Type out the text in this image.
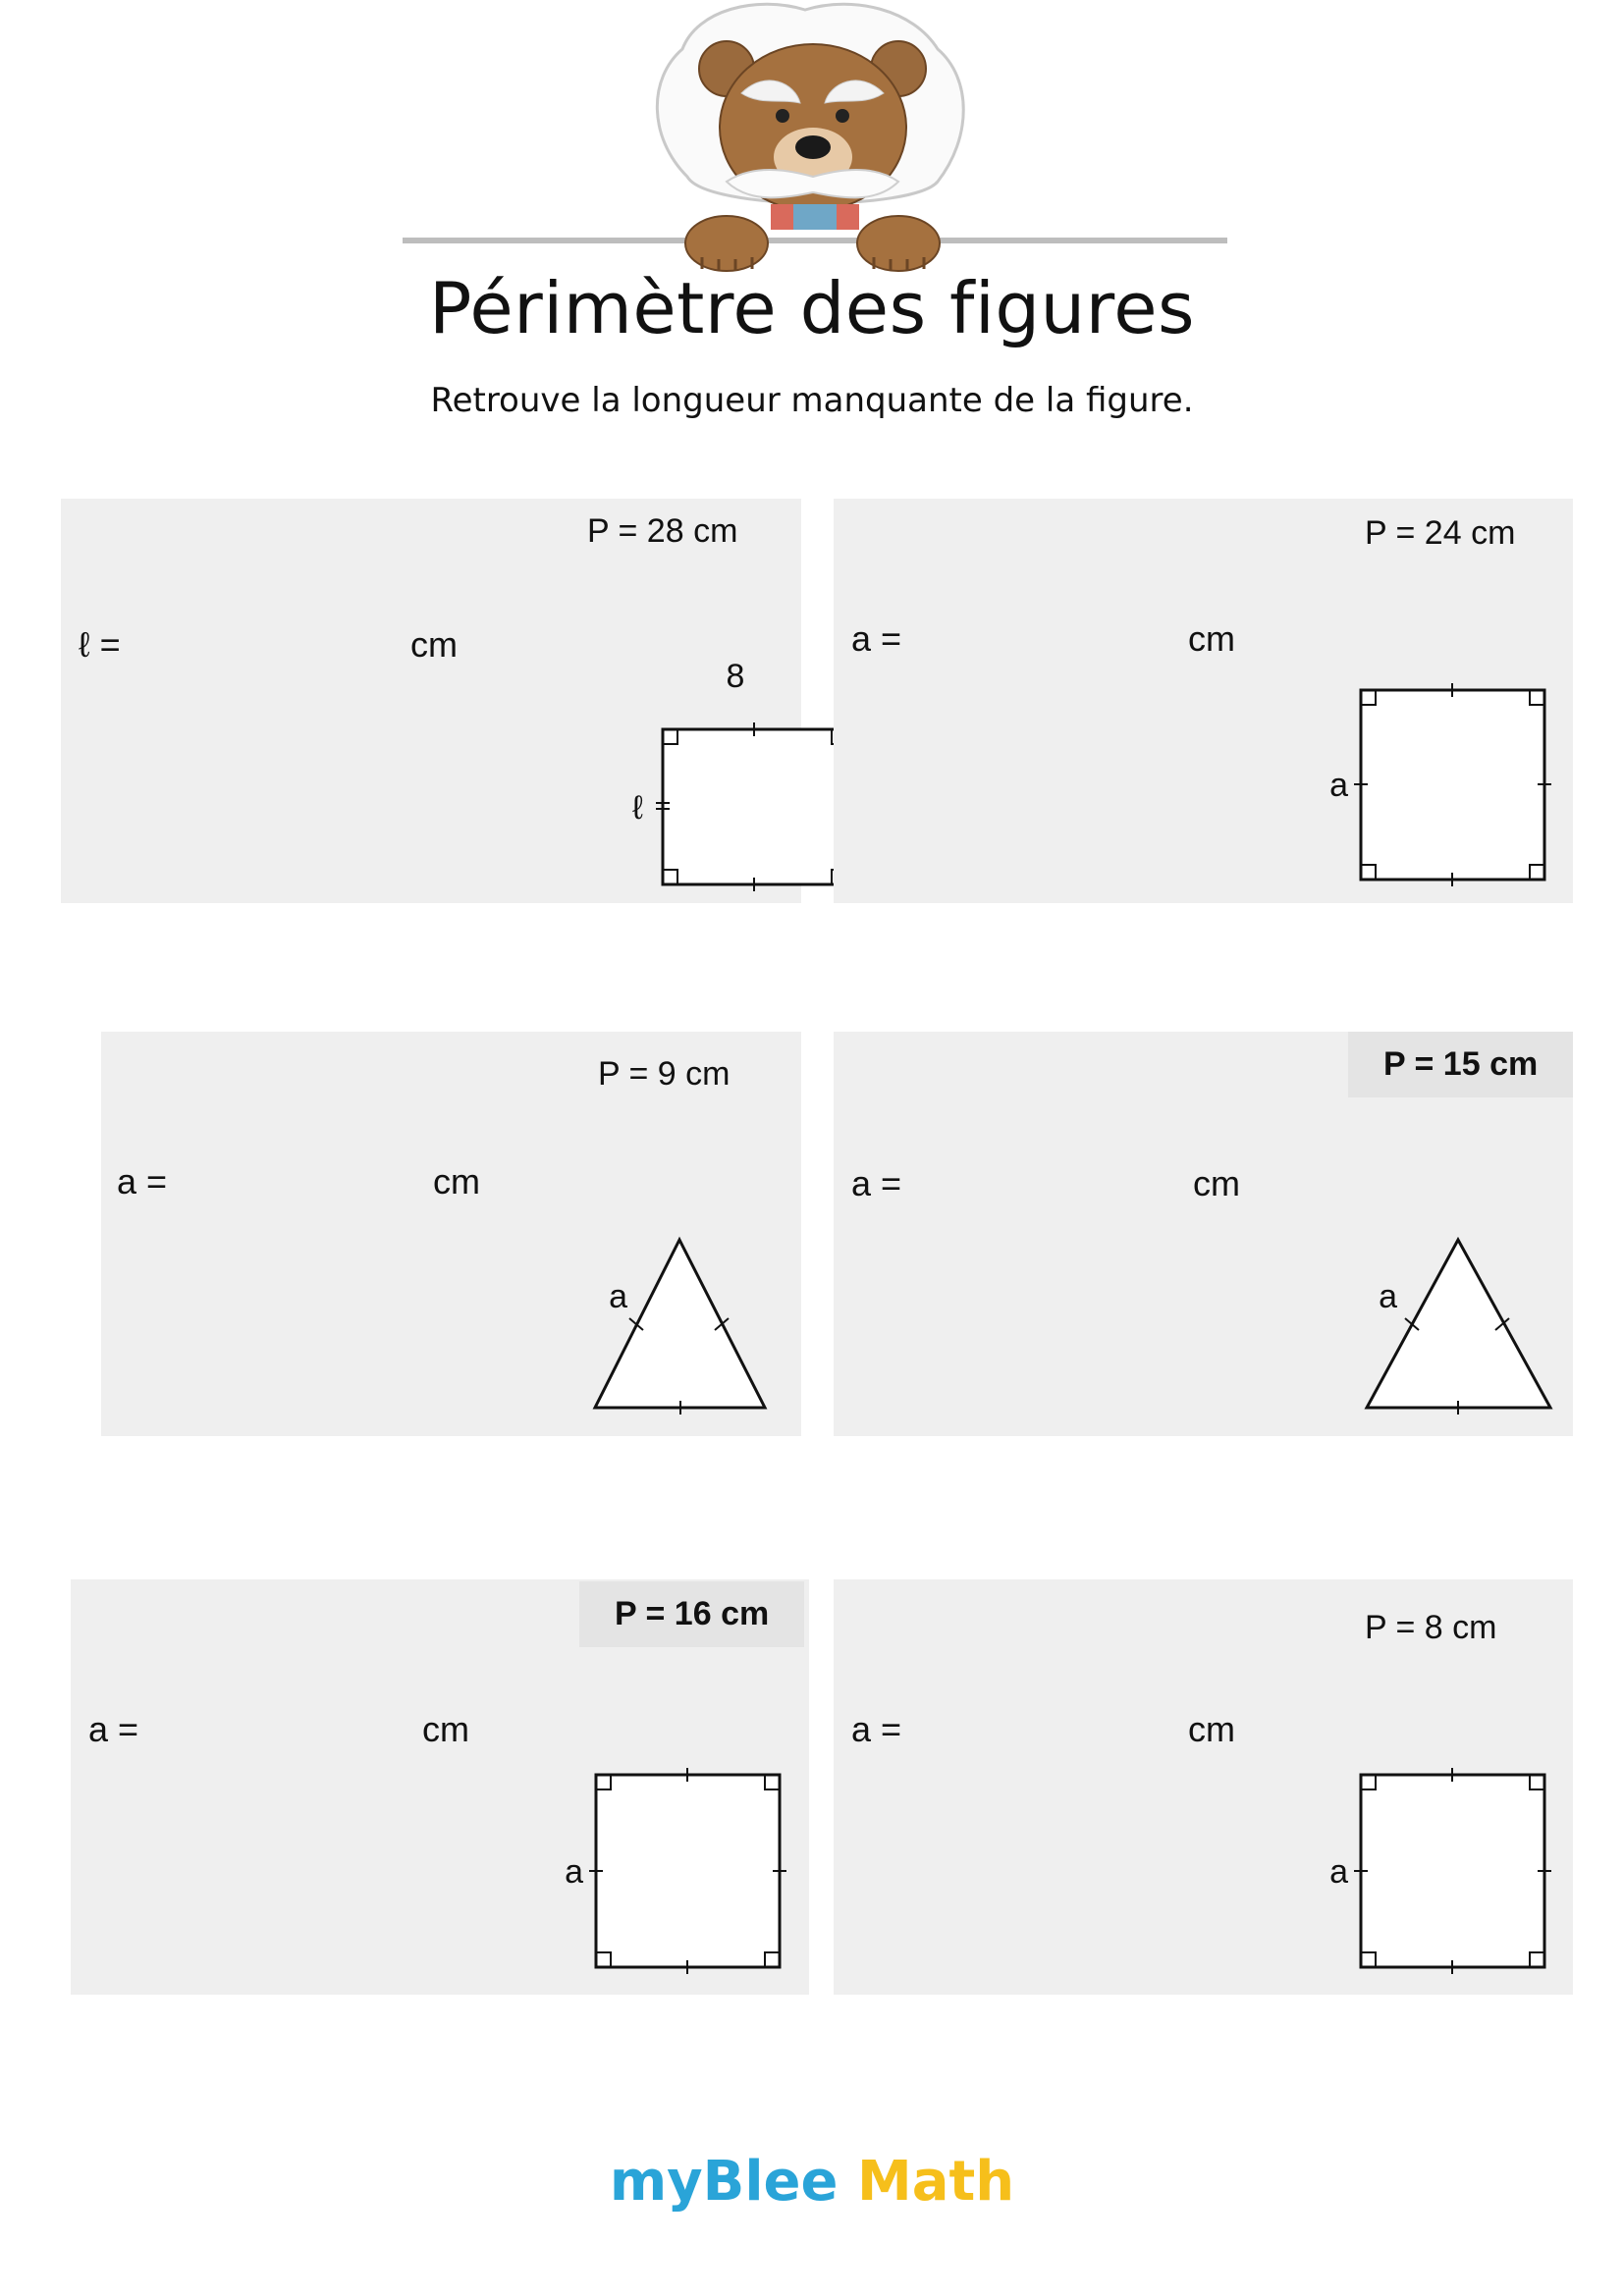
Périmètre des figures
Retrouve la longueur manquante de la figure.
P = 28 cm
ℓ =	cm
8
ℓ
P = 24 cm
a =	cm
a
P = 9 cm
a =	cm
a
P = 15 cm
a =	cm
a
P = 16 cm
a =	cm
a
P = 8 cm
a =	cm
a
myBlee Math
